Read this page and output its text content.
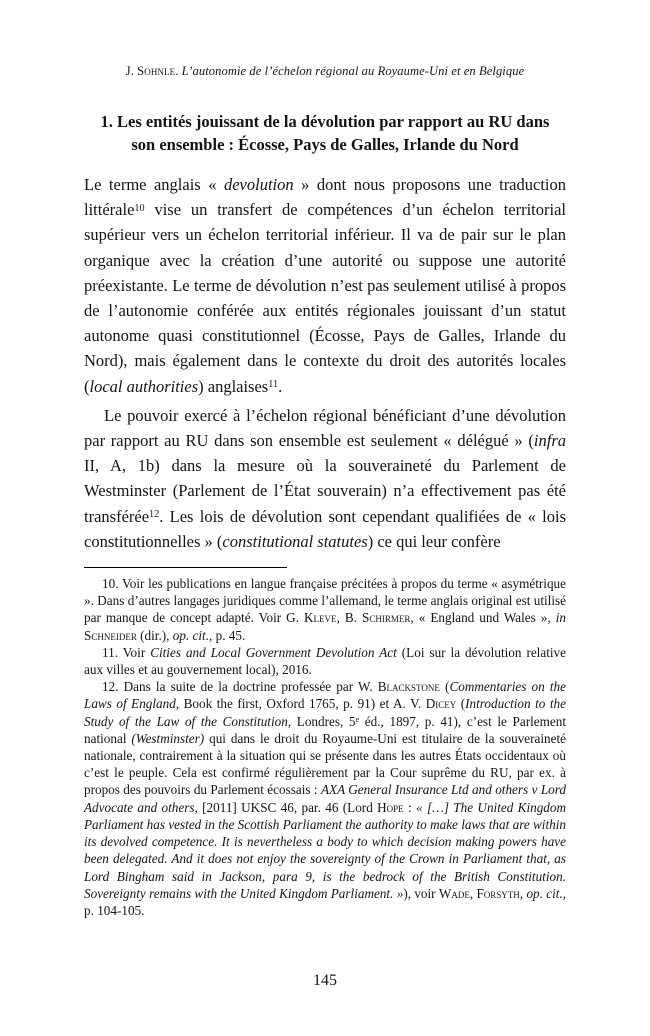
J. Sohnle. L’autonomie de l’échelon régional au Royaume-Uni et en Belgique
1. Les entités jouissant de la dévolution par rapport au RU dans son ensemble : Écosse, Pays de Galles, Irlande du Nord

Le terme anglais « devolution » dont nous proposons une traduction littérale$^{10}$ vise un transfert de compétences d’un échelon territorial supérieur vers un échelon territorial inférieur. Il va de pair sur le plan organique avec la création d’une autorité ou suppose une autorité préexistante. Le terme de dévolution n’est pas seulement utilisé à propos de l’autonomie conférée aux entités régionales jouissant d’un statut autonome quasi constitutionnel (Écosse, Pays de Galles, Irlande du Nord), mais également dans le contexte du droit des autorités locales (local authorities) anglaises$^{11}$.

Le pouvoir exercé à l’échelon régional bénéficiant d’une dévolution par rapport au RU dans son ensemble est seulement « délégué » (infra II, A, 1b) dans la mesure où la souveraineté du Parlement de Westminster (Parlement de l’État souverain) n’a effectivement pas été transférée$^{12}$. Les lois de dévolution sont cependant qualifiées de « lois constitutionnelles » (constitutional statutes) ce qui leur confère

10. Voir les publications en langue française précitées à propos du terme « asymétrique ». Dans d’autres langages juridiques comme l’allemand, le terme anglais original est utilisé par manque de concept adapté. Voir G. Kleve, B. Schirmer, « England und Wales », in Schneider (dir.), op. cit., p. 45.

11. Voir Cities and Local Government Devolution Act (Loi sur la dévolution relative aux villes et au gouvernement local), 2016.

12. Dans la suite de la doctrine professée par W. Blackstone (Commentaries on the Laws of England, Book the first, Oxford 1765, p. 91) et A. V. Dicey (Introduction to the Study of the Law of the Constitution, Londres, 5e éd., 1897, p. 41), c’est le Parlement national (Westminster) qui dans le droit du Royaume-Uni est titulaire de la souveraineté nationale, contrairement à la situation qui se présente dans les autres États occidentaux où c’est le peuple. Cela est confirmé régulièrement par la Cour suprême du RU, par ex. à propos des pouvoirs du Parlement écossais : AXA General Insurance Ltd and others v Lord Advocate and others, [2011] UKSC 46, par. 46 (Lord Hope : « […] The United Kingdom Parliament has vested in the Scottish Parliament the authority to make laws that are within its devolved competence. It is nevertheless a body to which decision making powers have been delegated. And it does not enjoy the sovereignty of the Crown in Parliament that, as Lord Bingham said in Jackson, para 9, is the bedrock of the British Constitution. Sovereignty remains with the United Kingdom Parliament. »), voir Wade, Forsyth, op. cit., p. 104-105.

145
